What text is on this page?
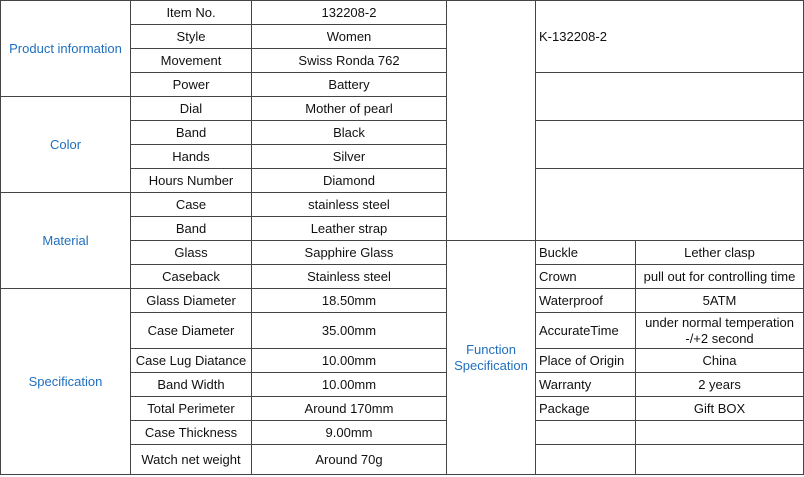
Product information	Item No.	132208-2		K-132208-2	
	Style	Women			
	Movement	Swiss Ronda 762			
	Power	Battery			
Color	Dial	Mother of pearl			
	Band	Black			
	Hands	Silver			
	Hours Number	Diamond			
Material	Case	stainless steel			
	Band	Leather strap			
	Glass	Sapphire Glass	Function Specification	Buckle	Lether clasp
	Caseback	Stainless steel		Crown	pull out for controlling time
Specification	Glass Diameter	18.50mm		Waterproof	5ATM
	Case Diameter	35.00mm		AccurateTime	under normal temperation -/+2 second
	Case Lug Diatance	10.00mm		Place of Origin	China
	Band Width	10.00mm		Warranty	2 years
	Total Perimeter	Around 170mm		Package	Gift BOX
	Case Thickness	9.00mm			
	Watch net weight	Around 70g			
